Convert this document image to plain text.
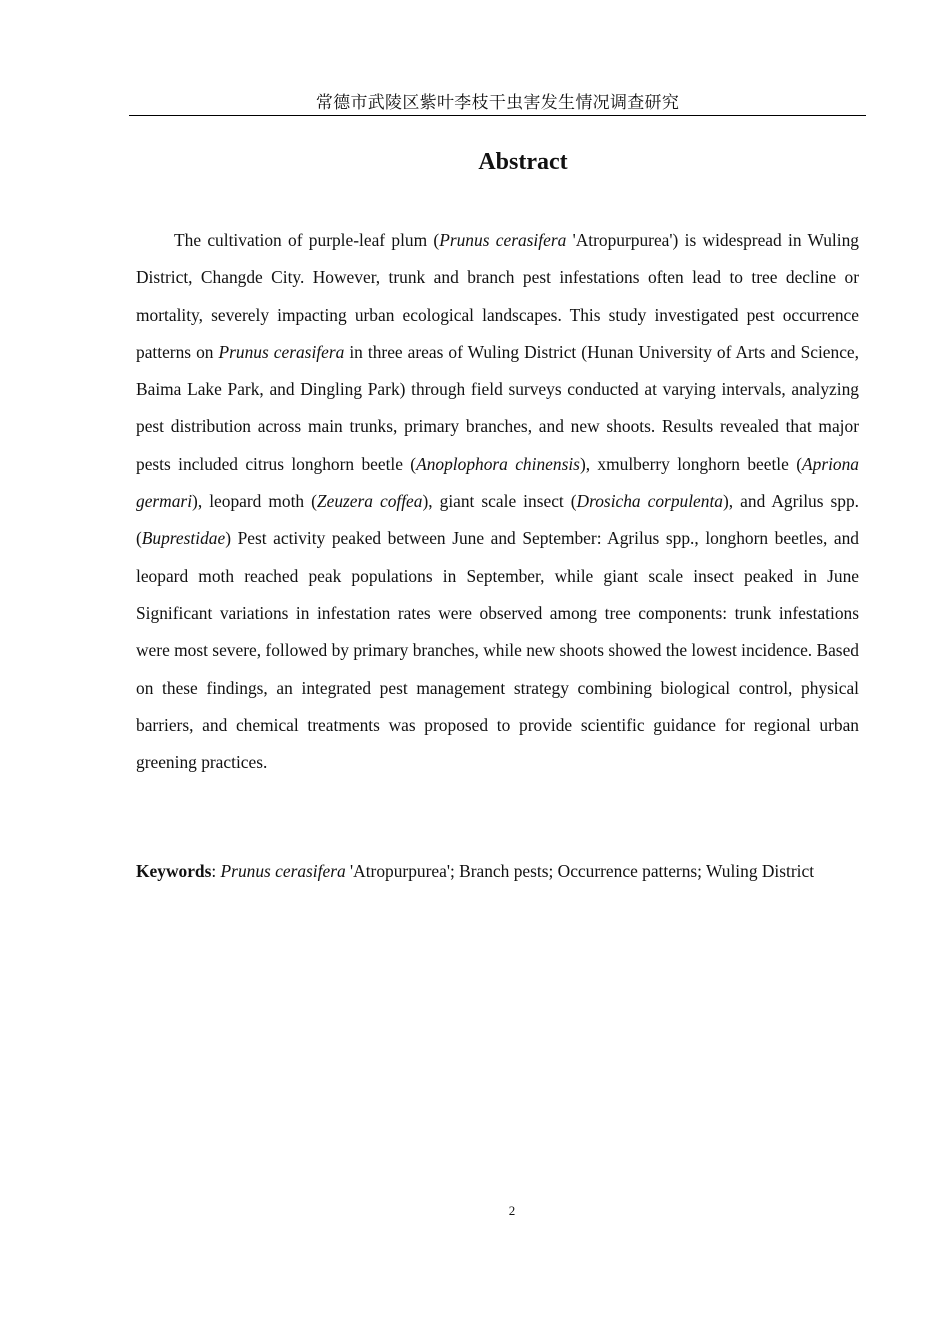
常德市武陵区紫叶李枝干虫害发生情况调查研究
Abstract

The cultivation of purple-leaf plum (Prunus cerasifera 'Atropurpurea') is widespread in Wuling District, Changde City. However, trunk and branch pest infestations often lead to tree decline or mortality, severely impacting urban ecological landscapes. This study investigated pest occurrence patterns on Prunus cerasifera in three areas of Wuling District (Hunan University of Arts and Science, Baima Lake Park, and Dingling Park) through field surveys conducted at varying intervals, analyzing pest distribution across main trunks, primary branches, and new shoots. Results revealed that major pests included citrus longhorn beetle (Anoplophora chinensis), xmulberry longhorn beetle (Apriona germari), leopard moth (Zeuzera coffea), giant scale insect (Drosicha corpulenta), and Agrilus spp. (Buprestidae) Pest activity peaked between June and September: Agrilus spp., longhorn beetles, and leopard moth reached peak populations in September, while giant scale insect peaked in June Significant variations in infestation rates were observed among tree components: trunk infestations were most severe, followed by primary branches, while new shoots showed the lowest incidence. Based on these findings, an integrated pest management strategy combining biological control, physical barriers, and chemical treatments was proposed to provide scientific guidance for regional urban greening practices.

Keywords: Prunus cerasifera 'Atropurpurea'; Branch pests; Occurrence patterns; Wuling District

2
